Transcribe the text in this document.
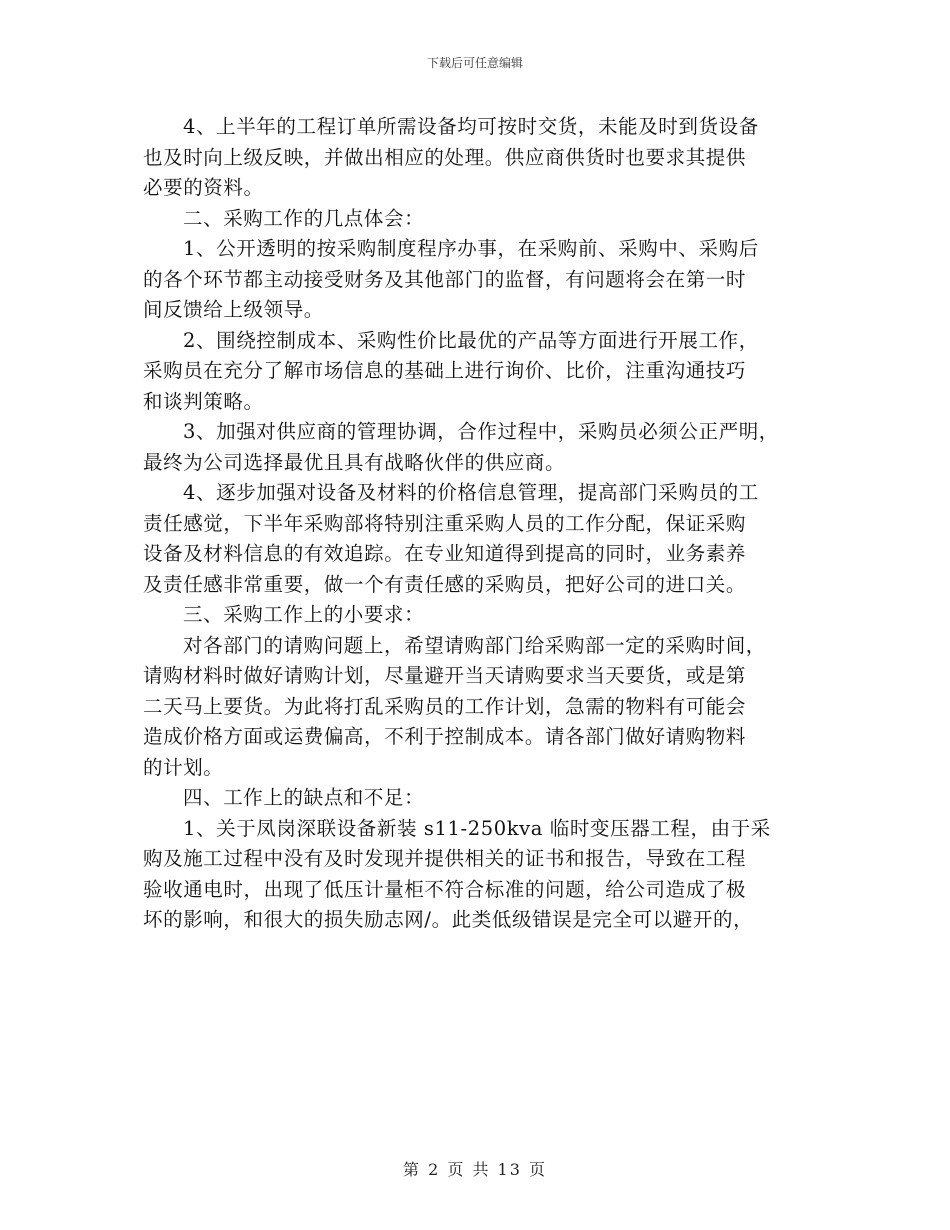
下载后可任意编辑
4、上半年的工程订单所需设备均可按时交货，未能及时到货设备
也及时向上级反映，并做出相应的处理。供应商供货时也要求其提供
必要的资料。
二、采购工作的几点体会：
1、公开透明的按采购制度程序办事，在采购前、采购中、采购后
的各个环节都主动接受财务及其他部门的监督，有问题将会在第一时
间反馈给上级领导。
2、围绕控制成本、采购性价比最优的产品等方面进行开展工作，
采购员在充分了解市场信息的基础上进行询价、比价，注重沟通技巧
和谈判策略。
3、加强对供应商的管理协调，合作过程中，采购员必须公正严明，
最终为公司选择最优且具有战略伙伴的供应商。
4、逐步加强对设备及材料的价格信息管理，提高部门采购员的工
责任感觉，下半年采购部将特别注重采购人员的工作分配，保证采购
设备及材料信息的有效追踪。在专业知道得到提高的同时，业务素养
及责任感非常重要，做一个有责任感的采购员，把好公司的进口关。
三、采购工作上的小要求：
对各部门的请购问题上，希望请购部门给采购部一定的采购时间，
请购材料时做好请购计划，尽量避开当天请购要求当天要货，或是第
二天马上要货。为此将打乱采购员的工作计划，急需的物料有可能会
造成价格方面或运费偏高，不利于控制成本。请各部门做好请购物料
的计划。
四、工作上的缺点和不足：
1、关于凤岗深联设备新装 s11-250kva 临时变压器工程，由于采
购及施工过程中没有及时发现并提供相关的证书和报告，导致在工程
验收通电时，出现了低压计量柜不符合标准的问题，给公司造成了极
坏的影响，和很大的损失励志网/。此类低级错误是完全可以避开的，
第 2 页 共 13 页
